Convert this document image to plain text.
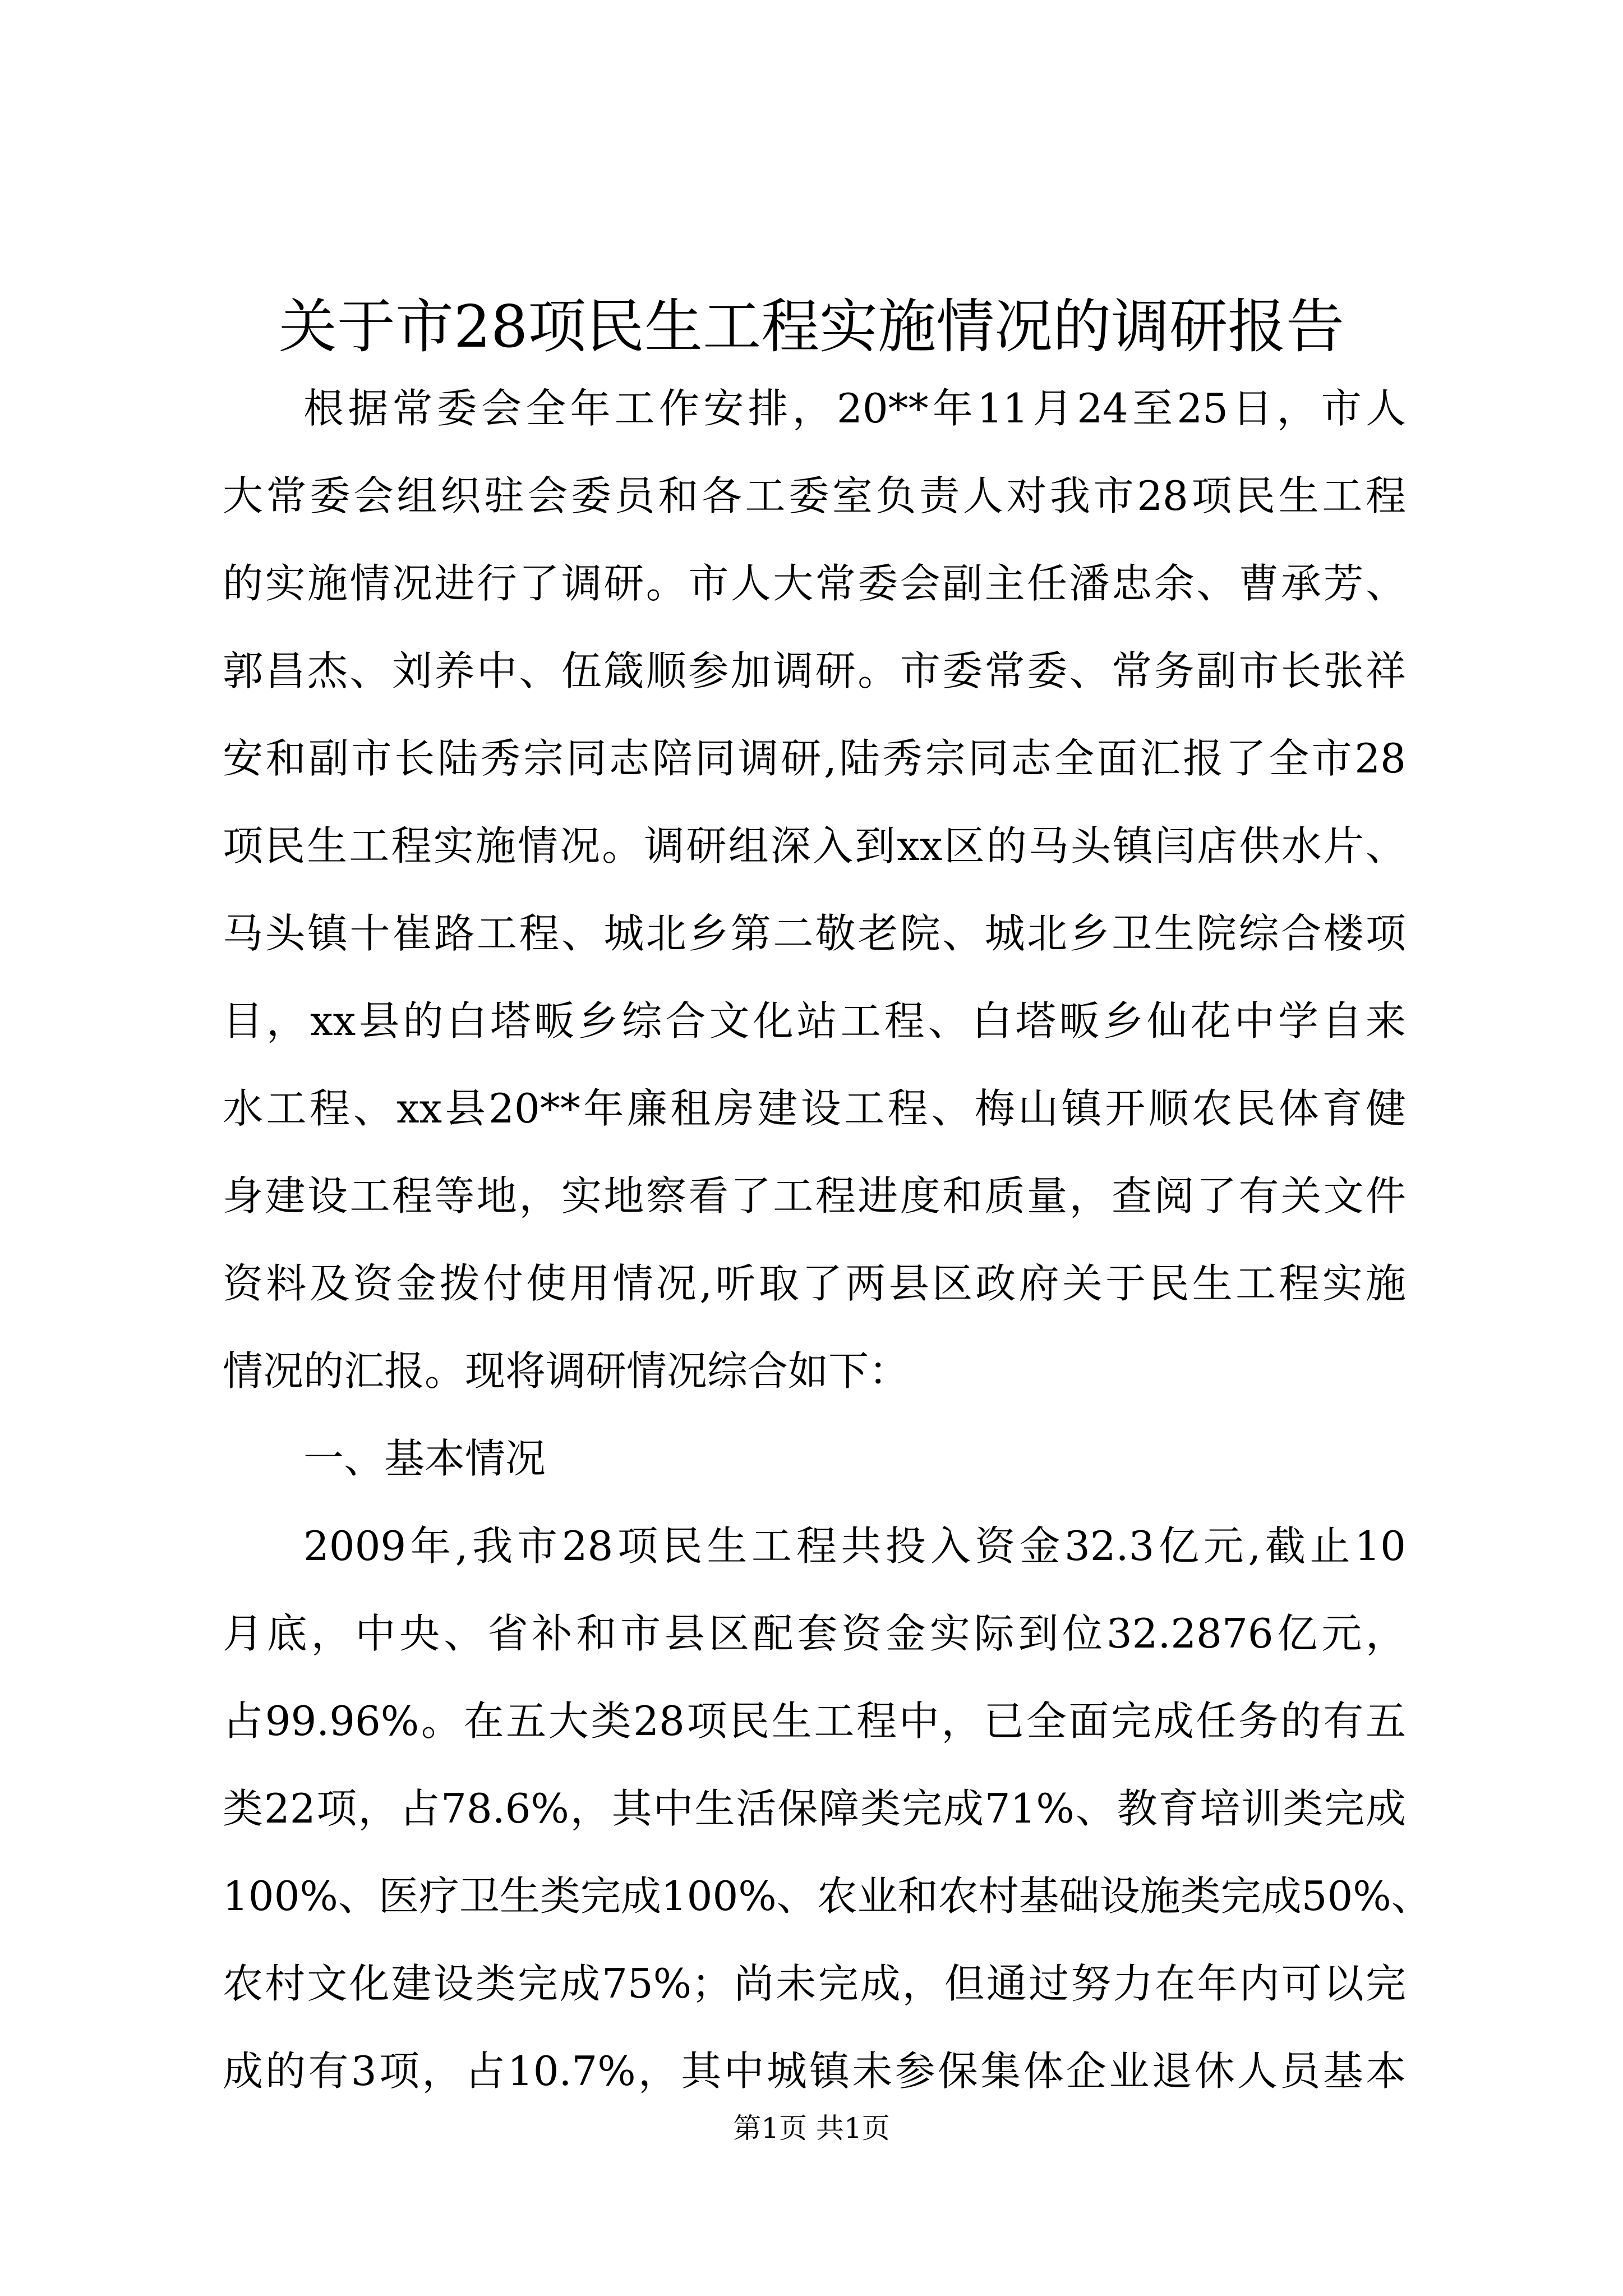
关于市28项民生工程实施情况的调研报告
根据常委会全年工作安排，20**年11月24至25日，市人
大常委会组织驻会委员和各工委室负责人对我市28项民生工程
的实施情况进行了调研。市人大常委会副主任潘忠余、曹承芳、
郭昌杰、刘养中、伍箴顺参加调研。市委常委、常务副市长张祥
安和副市长陆秀宗同志陪同调研,陆秀宗同志全面汇报了全市28
项民生工程实施情况。调研组深入到xx区的马头镇闫店供水片、
马头镇十崔路工程、城北乡第二敬老院、城北乡卫生院综合楼项
目，xx县的白塔畈乡综合文化站工程、白塔畈乡仙花中学自来
水工程、xx县20**年廉租房建设工程、梅山镇开顺农民体育健
身建设工程等地，实地察看了工程进度和质量，查阅了有关文件
资料及资金拨付使用情况,听取了两县区政府关于民生工程实施
情况的汇报。现将调研情况综合如下：
一、基本情况
2009年,我市28项民生工程共投入资金32.3亿元,截止10
月底，中央、省补和市县区配套资金实际到位32.2876亿元，
占99.96%。在五大类28项民生工程中，已全面完成任务的有五
类22项，占78.6%，其中生活保障类完成71%、教育培训类完成
100%、医疗卫生类完成100%、农业和农村基础设施类完成50%、
农村文化建设类完成75%；尚未完成，但通过努力在年内可以完
成的有3项，占10.7%，其中城镇未参保集体企业退休人员基本
第1页 共1页
